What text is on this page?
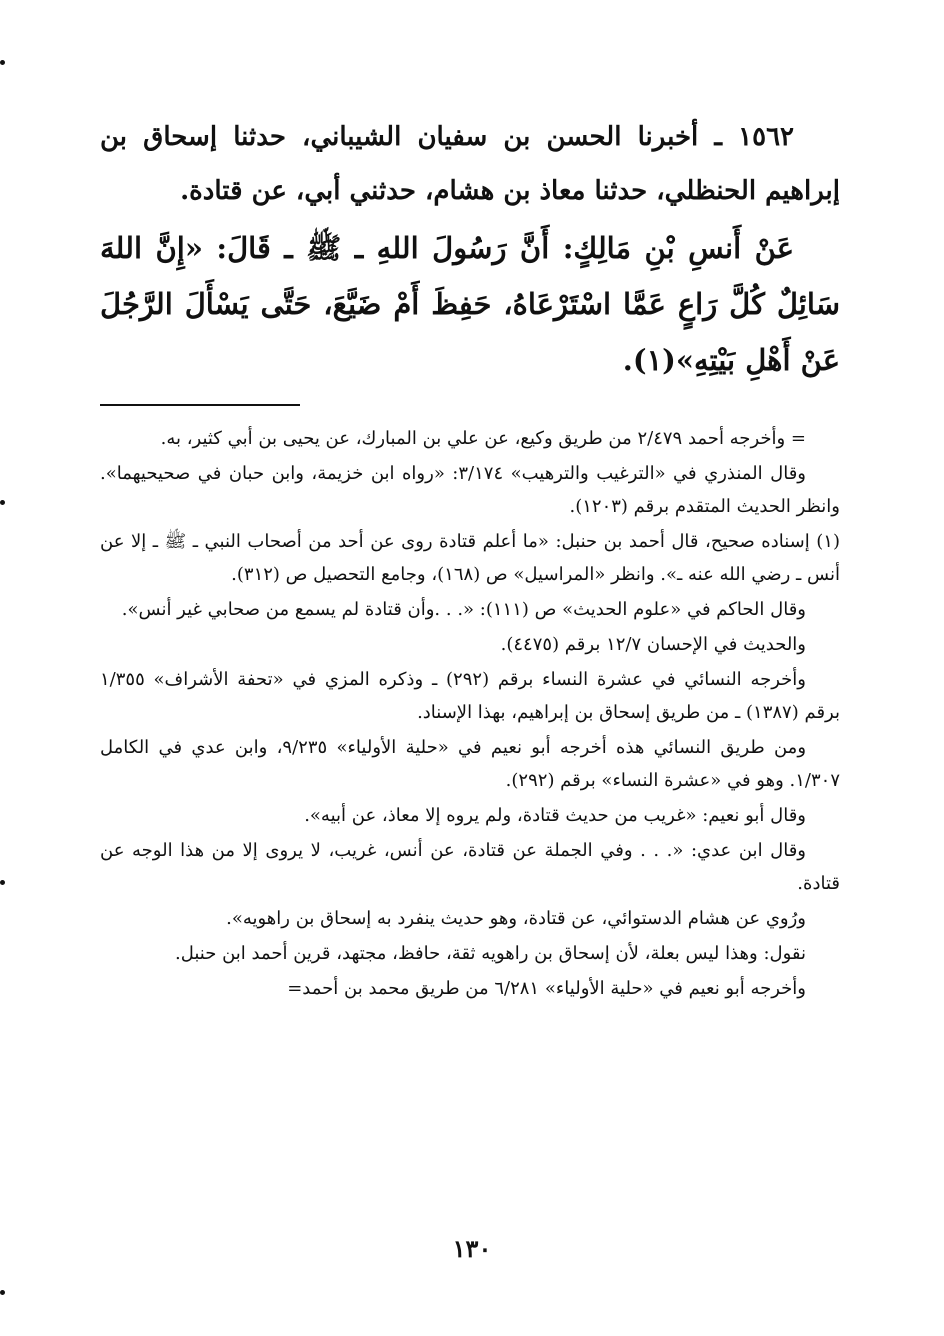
١٥٦٢ ـ أخبرنا الحسن بن سفيان الشيباني، حدثنا إسحاق بن إبراهيم الحنظلي، حدثنا معاذ بن هشام، حدثني أبي، عن قتادة.

عَنْ أَنسِ بْنِ مَالِكٍ: أَنَّ رَسُولَ اللهِ ـ ﷺ ـ قَالَ: «إِنَّ اللهَ سَائِلٌ كُلَّ رَاعٍ عَمَّا اسْتَرْعَاهُ، حَفِظَ أَمْ ضَيَّعَ، حَتَّى يَسْأَلَ الرَّجُلَ عَنْ أَهْلِ بَيْتِهِ»(١).

= وأخرجه أحمد ٢/٤٧٩ من طريق وكيع، عن علي بن المبارك، عن يحيى بن أبي كثير، به.

وقال المنذري في «الترغيب والترهيب» ٣/١٧٤: «رواه ابن خزيمة، وابن حبان في صحيحيهما». وانظر الحديث المتقدم برقم (١٢٠٣).

(١) إسناده صحيح، قال أحمد بن حنبل: «ما أعلم قتادة روى عن أحد من أصحاب النبي ـ ﷺ ـ إلا عن أنس ـ رضي الله عنه ـ». وانظر «المراسيل» ص (١٦٨)، وجامع التحصيل ص (٣١٢).

وقال الحاكم في «علوم الحديث» ص (١١١): «. . .وأن قتادة لم يسمع من صحابي غير أنس».

والحديث في الإحسان ١٢/٧ برقم (٤٤٧٥).

وأخرجه النسائي في عشرة النساء برقم (٢٩٢) ـ وذكره المزي في «تحفة الأشراف» ١/٣٥٥ برقم (١٣٨٧) ـ من طريق إسحاق بن إبراهيم، بهذا الإسناد.

ومن طريق النسائي هذه أخرجه أبو نعيم في «حلية الأولياء» ٩/٢٣٥، وابن عدي في الكامل ١/٣٠٧. وهو في «عشرة النساء» برقم (٢٩٢).

وقال أبو نعيم: «غريب من حديث قتادة، ولم يروه إلا معاذ، عن أبيه».

وقال ابن عدي: «. . . وفي الجملة عن قتادة، عن أنس، غريب، لا يروى إلا من هذا الوجه عن قتادة.

ورُوي عن هشام الدستوائي، عن قتادة، وهو حديث ينفرد به إسحاق بن راهويه».

نقول: وهذا ليس بعلة، لأن إسحاق بن راهويه ثقة، حافظ، مجتهد، قرين أحمد ابن حنبل.

وأخرجه أبو نعيم في «حلية الأولياء» ٦/٢٨١ من طريق محمد بن أحمد=

١٣٠
